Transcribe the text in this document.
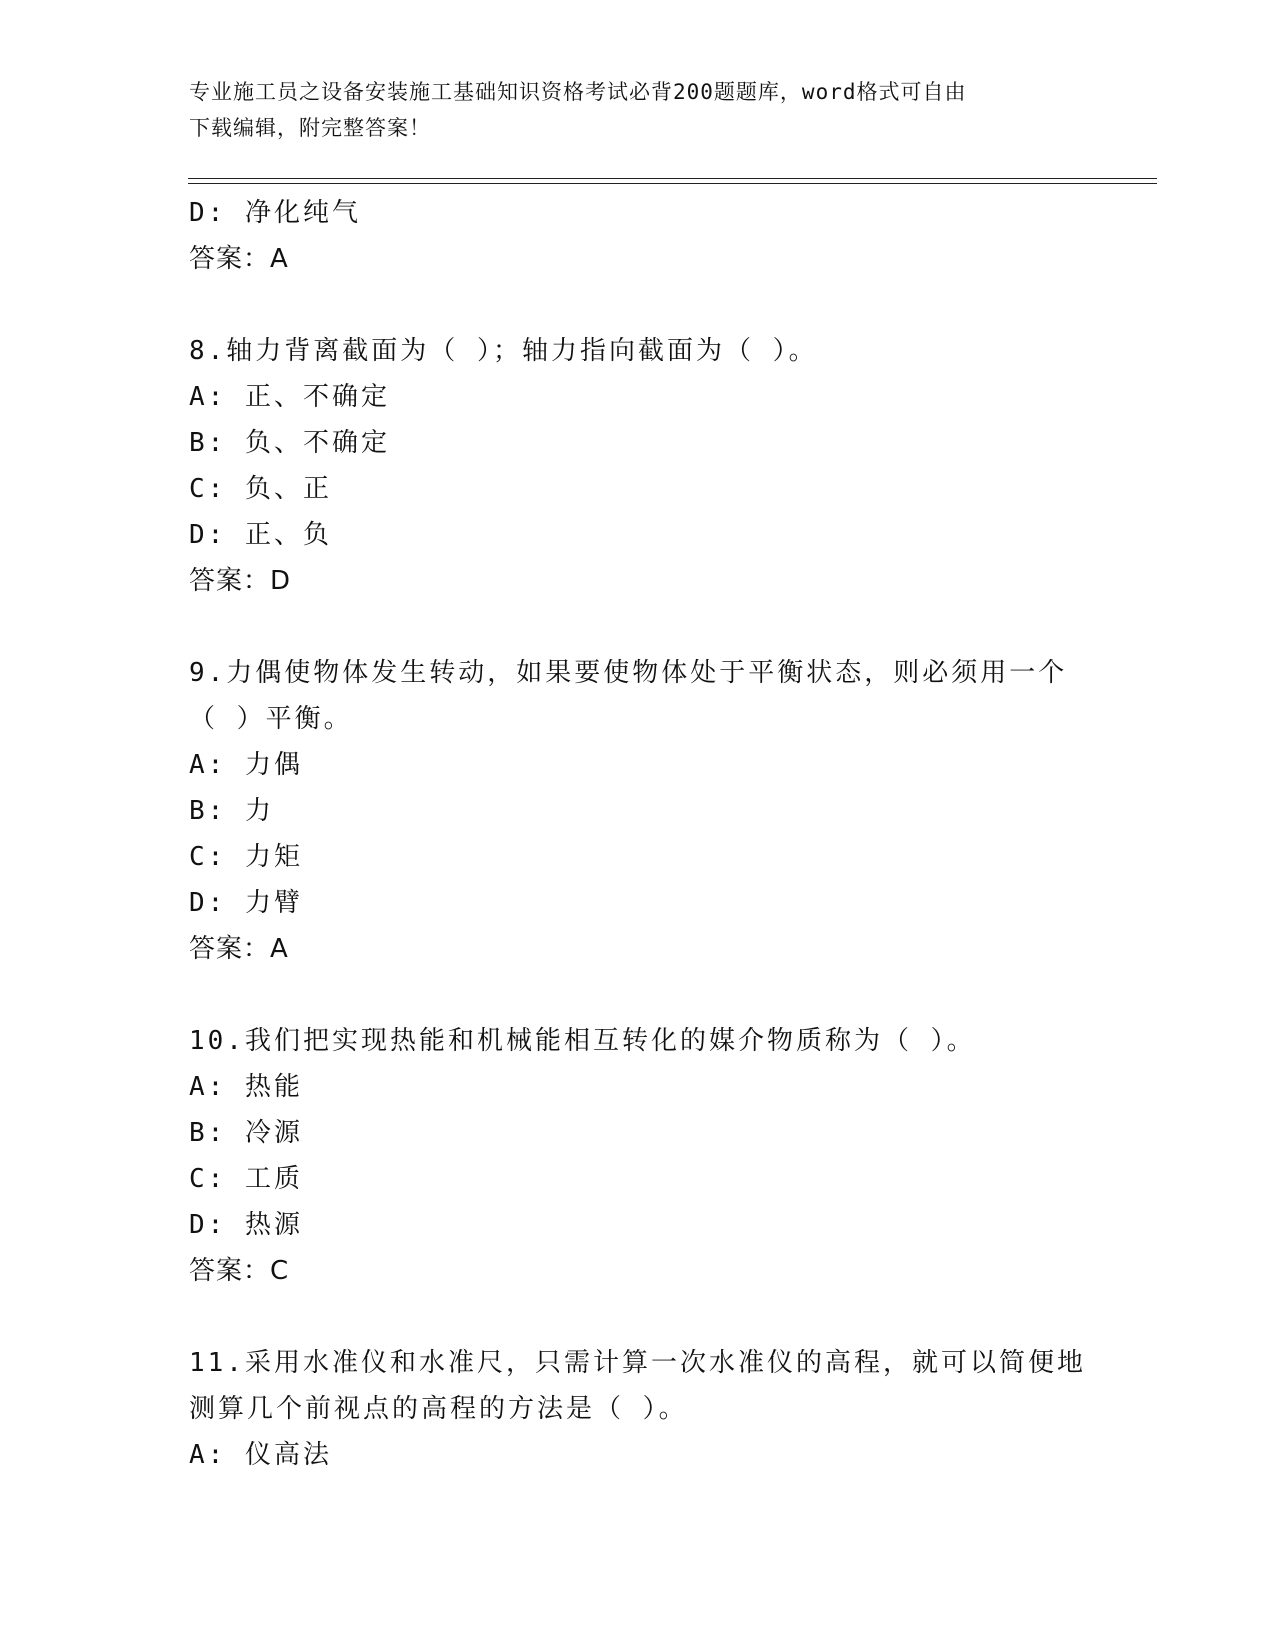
专业施工员之设备安装施工基础知识资格考试必背200题题库，word格式可自由
下载编辑，附完整答案！
D: 净化纯气
答案：A
8.轴力背离截面为（ ）；轴力指向截面为（ ）。
A: 正、不确定
B: 负、不确定
C: 负、正
D: 正、负
答案：D
9.力偶使物体发生转动，如果要使物体处于平衡状态，则必须用一个
（ ）平衡。
A: 力偶
B: 力
C: 力矩
D: 力臂
答案：A
10.我们把实现热能和机械能相互转化的媒介物质称为（ ）。
A: 热能
B: 冷源
C: 工质
D: 热源
答案：C
11.采用水准仪和水准尺，只需计算一次水准仪的高程，就可以简便地
测算几个前视点的高程的方法是（ ）。
A: 仪高法
